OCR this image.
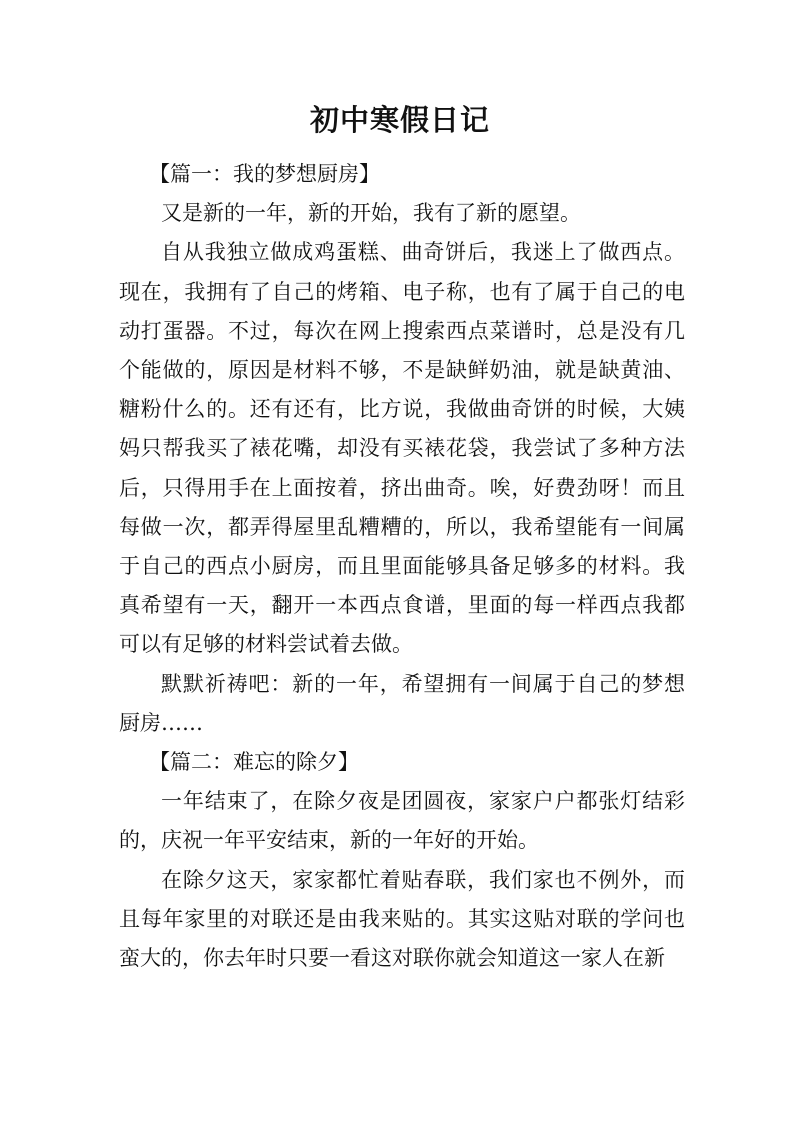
初中寒假日记

【篇一：我的梦想厨房】

又是新的一年，新的开始，我有了新的愿望。

自从我独立做成鸡蛋糕、曲奇饼后，我迷上了做西点。现在，我拥有了自己的烤箱、电子称，也有了属于自己的电动打蛋器。不过，每次在网上搜索西点菜谱时，总是没有几个能做的，原因是材料不够，不是缺鲜奶油，就是缺黄油、糖粉什么的。还有还有，比方说，我做曲奇饼的时候，大姨妈只帮我买了裱花嘴，却没有买裱花袋，我尝试了多种方法后，只得用手在上面按着，挤出曲奇。唉，好费劲呀！而且每做一次，都弄得屋里乱糟糟的，所以，我希望能有一间属于自己的西点小厨房，而且里面能够具备足够多的材料。我真希望有一天，翻开一本西点食谱，里面的每一样西点我都可以有足够的材料尝试着去做。

默默祈祷吧：新的一年，希望拥有一间属于自己的梦想厨房……

【篇二：难忘的除夕】

一年结束了，在除夕夜是团圆夜，家家户户都张灯结彩的，庆祝一年平安结束，新的一年好的开始。

在除夕这天，家家都忙着贴春联，我们家也不例外，而且每年家里的对联还是由我来贴的。其实这贴对联的学问也蛮大的，你去年时只要一看这对联你就会知道这一家人在新
